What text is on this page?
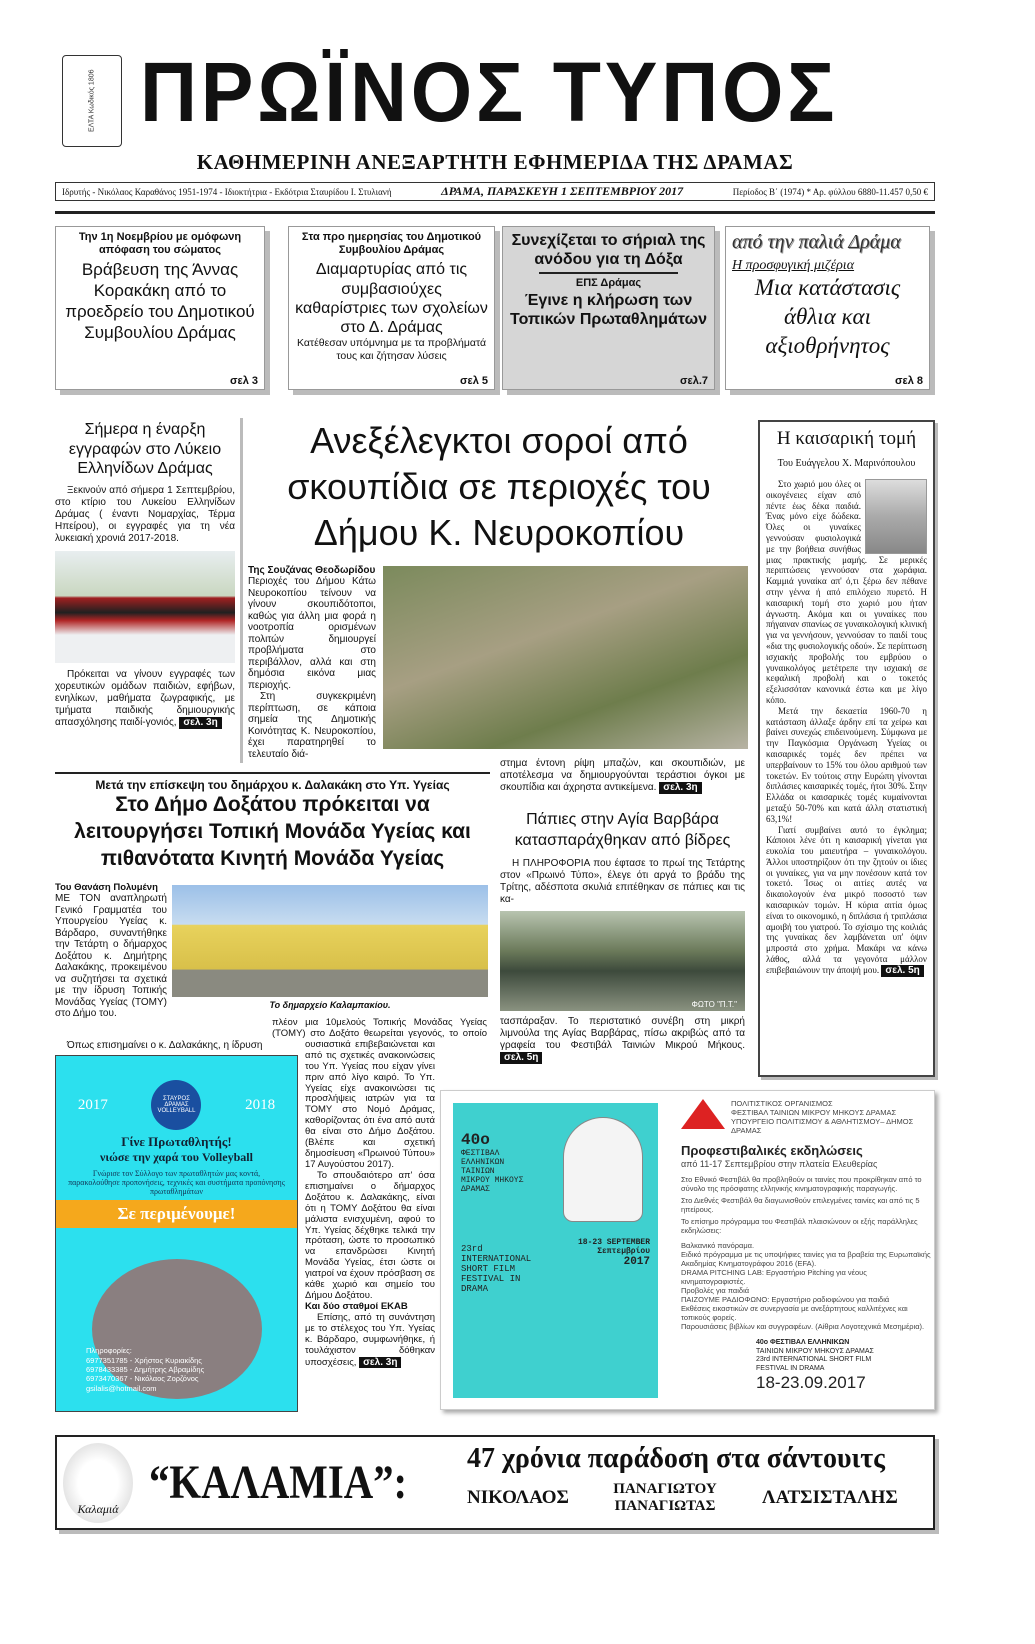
ΕΛΤΑ Κωδικός 1806 ΠΡΩΪΝΟΣ ΤΥΠΟΣ
ΚΑΘΗΜΕΡΙΝΗ ΑΝΕΞΑΡΤΗΤΗ ΕΦΗΜΕΡΙΔΑ ΤΗΣ ΔΡΑΜΑΣ
Ιδρυτής - Νικόλαος Καραθάνος 1951-1974 - Ιδιοκτήτρια - Εκδότρια Σταυρίδου Ι. Στυλιανή	ΔΡΑΜΑ, ΠΑΡΑΣΚΕΥΗ 1 ΣΕΠΤΕΜΒΡΙΟΥ 2017	Περίοδος Β΄ (1974) * Αρ. φύλλου 6880-11.457 0,50 €
Την 1η Νοεμβρίου με ομόφωνη απόφαση του σώματος
Βράβευση της Άννας Κορακάκη από το προεδρείο του Δημοτικού Συμβουλίου Δράμας
σελ 3
Στα προ ημερησίας του Δημοτικού Συμβουλίου Δράμας
Διαμαρτυρίας από τις συμβασιούχες καθαρίστριες των σχολείων στο Δ. Δράμας
Κατέθεσαν υπόμνημα με τα προβλήματά τους και ζήτησαν λύσεις
σελ 5
Συνεχίζεται το σήριαλ της ανόδου για τη Δόξα
ΕΠΣ Δράμας
Έγινε η κλήρωση των Τοπικών Πρωταθλημάτων
σελ.7
από την παλιά Δράμα
Η προσφυγική μιζέρια
Μια κατάστασις άθλια και αξιοθρήνητος
σελ 8
Σήμερα η έναρξη εγγραφών στο Λύκειο Ελληνίδων Δράμας

Ξεκινούν από σήμερα 1 Σεπτεμβρίου, στο κτίριο του Λυκείου Ελληνίδων Δράμας ( έναντι Νομαρχίας, Τέρμα Ηπείρου), οι εγγραφές για τη νέα λυκειακή χρονιά 2017-2018.

Πρόκειται να γίνουν εγγραφές των χορευτικών ομάδων παιδιών, εφήβων, ενηλίκων, μαθήματα ζωγραφικής, με τμήματα παιδικής δημιουργικής απασχόλησης παιδί-γονιός, σελ. 3η

Ανεξέλεγκτοι σοροί από σκουπίδια σε περιοχές του Δήμου Κ. Νευροκοπίου
Της Σουζάνας Θεοδωρίδου

Περιοχές του Δήμου Κάτω Νευροκοπίου τείνουν να γίνουν σκουπιδότοποι, καθώς για άλλη μια φορά η νοοτροπία ορισμένων πολιτών δημιουργεί προβλήματα στο περιβάλλον, αλλά και στη δημόσια εικόνα μιας περιοχής.

Στη συγκεκριμένη περίπτωση, σε κάποια σημεία της Δημοτικής Κοινότητας Κ. Νευροκοπίου, έχει παρατηρηθεί το τελευταίο διά-

στημα έντονη ρίψη μπαζών, και σκουπιδιών, με αποτέλεσμα να δημιουργούνται τεράστιοι όγκοι με σκουπίδια και άχρηστα αντικείμενα. σελ. 3η

Η καισαρική τομή
Του Ευάγγελου Χ. Μαρινόπουλου

Στο χωριό μου όλες οι οικογένειες είχαν από πέντε έως δέκα παιδιά. Ένας μόνο είχε δώδεκα. Όλες οι γυναίκες γεννούσαν φυσιολογικά με την βοήθεια συνήθως μιας πρακτικής μαμής. Σε μερικές περιπτώσεις γεννούσαν στα χωράφια. Καμμιά γυναίκα απ' ό,τι ξέρω δεν πέθανε στην γέννα ή από επιλόχειο πυρετό. Η καισαρική τομή στο χωριό μου ήταν άγνωστη. Ακόμα και οι γυναίκες που πήγαιναν σπανίως σε γυναικολογική κλινική για να γεννήσουν, γεννούσαν το παιδί τους «δια της φυσιολογικής οδού». Σε περίπτωση ισχιακής προβολής του εμβρύου ο γυναικολόγος μετέτρεπε την ισχιακή σε κεφαλική προβολή και ο τοκετός εξελισσόταν κανονικά έστω και με λίγο κόπο.

Μετά την δεκαετία 1960-70 η κατάσταση άλλαξε άρδην επί τα χείρω και βαίνει συνεχώς επιδεινούμενη. Σύμφωνα με την Παγκόσμια Οργάνωση Υγείας οι καισαρικές τομές δεν πρέπει να υπερβαίνουν το 15% του όλου αριθμού των τοκετών. Εν τούτοις στην Ευρώπη γίνονται διπλάσιες καισαρικές τομές, ήτοι 30%. Στην Ελλάδα οι καισαρικές τομές κυμαίνονται μεταξύ 50-70% και κατά άλλη στατιστική 63,1%!

Γιατί συμβαίνει αυτό το έγκλημα; Κάποιοι λένε ότι η καισαρική γίνεται για ευκολία του μαιευτήρα – γυναικολόγου. Άλλοι υποστηρίζουν ότι την ζητούν οι ίδιες οι γυναίκες, για να μην πονέσουν κατά τον τοκετό. Ίσως οι αιτίες αυτές να δικαιολογούν ένα μικρό ποσοστό των καισαρικών τομών. Η κύρια αιτία όμως είναι το οικονομικό, η διπλάσια ή τριπλάσια αμοιβή του γιατρού. Το σχίσιμο της κοιλιάς της γυναίκας δεν λαμβάνεται υπ' όψιν μπροστά στο χρήμα. Μακάρι να κάνω λάθος, αλλά τα γεγονότα μάλλον επιβεβαιώνουν την άποψή μου. σελ. 5η

Μετά την επίσκεψη του δημάρχου κ. Δαλακάκη στο Υπ. Υγείας
Στο Δήμο Δοξάτου πρόκειται να λειτουργήσει Τοπική Μονάδα Υγείας και πιθανότατα Κινητή Μονάδα Υγείας
Του Θανάση Πολυμένη

ΜΕ ΤΟΝ αναπληρωτή Γενικό Γραμματέα του Υπουργείου Υγείας κ. Βάρδαρο, συναντήθηκε την Τετάρτη ο δήμαρχος Δοξάτου κ. Δημήτρης Δαλακάκης, προκειμένου να συζητήσει τα σχετικά με την ίδρυση Τοπικής Μονάδας Υγείας (ΤΟΜΥ) στο Δήμο του.

Το δημαρχείο Καλαμπακίου.

Όπως επισημαίνει ο κ. Δαλακάκης, η ίδρυση

πλέον μια 10μελούς Τοπικής Μονάδας Υγείας (ΤΟΜΥ) στο Δοξάτο θεωρείται γεγονός, το οποίο ουσιαστικά επιβεβαιώνεται και από τις σχετικές ανακοινώσεις του Υπ. Υγείας που είχαν γίνει πριν από λίγο καιρό. Το Υπ. Υγείας είχε ανακοινώσει τις προσλήψεις ιατρών για τα ΤΟΜΥ στο Νομό Δράμας, καθορίζοντας ότι ένα από αυτά θα είναι στο Δήμο Δοξάτου. (Βλέπε και σχετική δημοσίευση «Πρωινού Τύπου» 17 Αυγούστου 2017).

Το σπουδαιότερο απ' όσα επισημαίνει ο δήμαρχος Δοξάτου κ. Δαλακάκης, είναι ότι η ΤΟΜΥ Δοξάτου θα είναι μάλιστα ενισχυμένη, αφού το Υπ. Υγείας δέχθηκε τελικά την πρόταση, ώστε το προσωπικό να επανδρώσει Κινητή Μονάδα Υγείας, έτσι ώστε οι γιατροί να έχουν πρόσβαση σε κάθε χωριό και σημείο του Δήμου Δοξάτου.

Και δύο σταθμοί ΕΚΑΒ

Επίσης, από τη συνάντηση με το στέλεχος του Υπ. Υγείας κ. Βάρδαρο, συμφωνήθηκε, ή τουλάχιστον δόθηκαν υποσχέσεις, σελ. 3η

Πάπιες στην Αγία Βαρβάρα κατασπαράχθηκαν από βίδρες

Η ΠΛΗΡΟΦΟΡΙΑ που έφτασε το πρωί της Τετάρτης στον «Πρωινό Τύπο», έλεγε ότι αργά το βράδυ της Τρίτης, αδέσποτα σκυλιά επιτέθηκαν σε πάπιες και τις κα-

ΦΩΤΟ "Π.Τ."

τασπάραξαν. Το περιστατικό συνέβη στη μικρή λιμνούλα της Αγίας Βαρβάρας, πίσω ακριβώς από τα γραφεία του Φεστιβάλ Ταινιών Μικρού Μήκους. σελ. 5η

2017	ΣΤΑΥΡΟΣ ΔΡΑΜΑΣ VOLLEYBALL	2018
Γίνε Πρωταθλητής!
νιώσε την χαρά του Volleyball
Γνώρισε τον Σύλλογο των πρωταθλητών μας κοντά, παρακολούθησε προπονήσεις, τεχνικές και συστήματα προπόνησης πρωταθλημάτων
Σε περιμένουμε!
Πληροφορίες:
6977351785 - Χρήστος Κυριακίδης
6978433385 - Δημήτρης Αβραμίδης
6973470367 - Νικόλαος Ζορζόνος
gsilalis@hotmail.com
40ο
ΦΕΣΤΙΒΑΛ
ΕΛΛΗΝΙΚΩΝ
ΤΑΙΝΙΩΝ
ΜΙΚΡΟΥ ΜΗΚΟΥΣ
ΔΡΑΜΑΣ
23rd INTERNATIONAL SHORT FILM FESTIVAL IN DRAMA
18-23 SEPTEMBER
Σεπτεμβρίου
2017
ΠΟΛΙΤΙΣΤΙΚΟΣ ΟΡΓΑΝΙΣΜΟΣ
ΦΕΣΤΙΒΑΛ ΤΑΙΝΙΩΝ ΜΙΚΡΟΥ ΜΗΚΟΥΣ ΔΡΑΜΑΣ
ΥΠΟΥΡΓΕΙΟ ΠΟΛΙΤΙΣΜΟΥ & ΑΘΛΗΤΙΣΜΟΥ– ΔΗΜΟΣ ΔΡΑΜΑΣ
Προφεστιβαλικές εκδηλώσεις
από 11-17 Σεπτεμβρίου στην πλατεία Ελευθερίας
Στο Εθνικό Φεστιβάλ θα προβληθούν οι ταινίες που προκρίθηκαν από το σύνολο της πρόσφατης ελληνικής κινηματογραφικής παραγωγής.
Στο Διεθνές Φεστιβάλ θα διαγωνισθούν επιλεγμένες ταινίες και από τις 5 ηπείρους.
Το επίσημο πρόγραμμα του Φεστιβάλ πλαισιώνουν οι εξής παράλληλες εκδηλώσεις:
Βαλκανικό πανόραμα.
Ειδικό πρόγραμμα με τις υποψήφιες ταινίες για τα βραβεία της Ευρωπαϊκής Ακαδημίας Κινηματογράφου 2016 (EFA).
DRAMA PITCHING LAB: Εργαστήριο Pitching για νέους κινηματογραφιστές.
Προβολές για παιδιά
ΠΑΙΖΟΥΜΕ ΡΑΔΙΟΦΩΝΟ: Εργαστήριο ραδιοφώνου για παιδιά
Εκθέσεις εικαστικών σε συνεργασία με ανεξάρτητους καλλιτέχνες και τοπικούς φορείς.
Παρουσιάσεις βιβλίων και συγγραφέων. (Αίθρια Λογοτεχνικά Μεσημέρια).
40ο ΦΕΣΤΙΒΑΛ ΕΛΛΗΝΙΚΩΝ
ΤΑΙΝΙΩΝ ΜΙΚΡΟΥ ΜΗΚΟΥΣ ΔΡΑΜΑΣ
23rd INTERNATIONAL SHORT FILM
FESTIVAL IN DRAMA
18-23.09.2017
Καλαμιά “ΚΑΛΑΜΙΑ”: 47 χρόνια παράδοση στα σάντουιτς
ΝΙΚΟΛΑΟΣ	ΠΑΝΑΓΙΩΤΟΥ ΠΑΝΑΓΙΩΤΑΣ	ΛΑΤΣΙΣΤΑΛΗΣ
